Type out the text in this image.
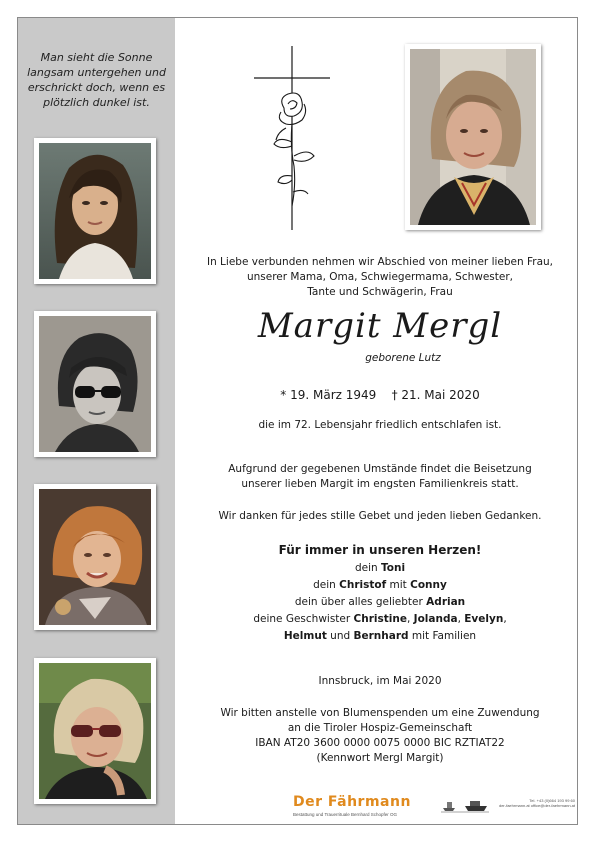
Man sieht die Sonne
langsam untergehen und
erschrickt doch, wenn es
plötzlich dunkel ist.
In Liebe verbunden nehmen wir Abschied von meiner lieben Frau,
unserer Mama, Oma, Schwiegermama, Schwester,
Tante und Schwägerin, Frau
Margit Mergl
geborene Lutz
* 19. März 1949 † 21. Mai 2020
die im 72. Lebensjahr friedlich entschlafen ist.
Aufgrund der gegebenen Umstände findet die Beisetzung
unserer lieben Margit im engsten Familienkreis statt.
Wir danken für jedes stille Gebet und jeden lieben Gedanken.
Für immer in unseren Herzen!
dein Toni
dein Christof mit Conny
dein über alles geliebter Adrian
deine Geschwister Christine, Jolanda, Evelyn,
Helmut und Bernhard mit Familien
Innsbruck, im Mai 2020
Wir bitten anstelle von Blumenspenden um eine Zuwendung
an die Tiroler Hospiz-Gemeinschaft
IBAN AT20 3600 0000 0075 0000 BIC RZTIAT22
(Kennwort Mergl Margit)
Der Fährmann
Bestattung und Trauerrituale Bernhard Schopfer OG
Tel. +43 (0)664 193 99 60
der-faehrmann.at office@der-faehrmann.at
